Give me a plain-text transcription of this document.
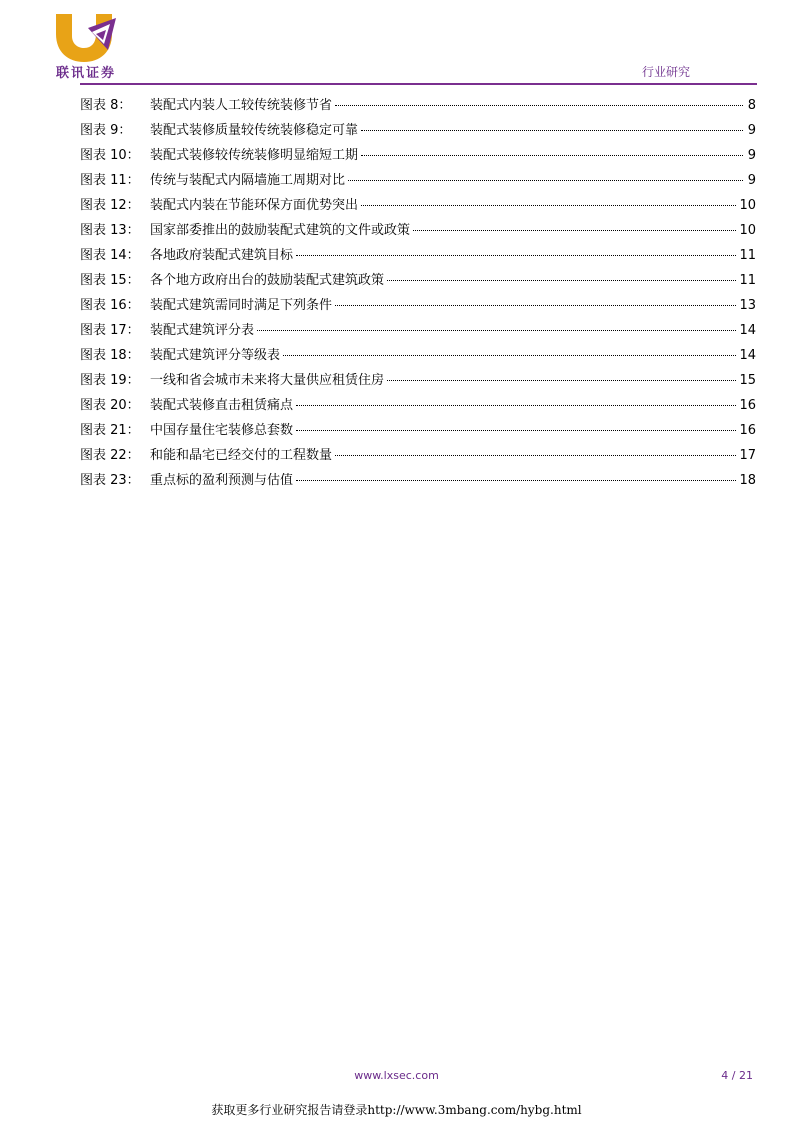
联讯证券	行业研究
图表 8：	装配式内装人工较传统装修节省	8
图表 9：	装配式装修质量较传统装修稳定可靠	9
图表 10： 装配式装修较传统装修明显缩短工期	9
图表 11： 传统与装配式内隔墙施工周期对比	9
图表 12： 装配式内装在节能环保方面优势突出	10
图表 13： 国家部委推出的鼓励装配式建筑的文件或政策	10
图表 14： 各地政府装配式建筑目标	11
图表 15： 各个地方政府出台的鼓励装配式建筑政策	11
图表 16： 装配式建筑需同时满足下列条件	13
图表 17： 装配式建筑评分表	14
图表 18： 装配式建筑评分等级表	14
图表 19： 一线和省会城市未来将大量供应租赁住房	15
图表 20： 装配式装修直击租赁痛点	16
图表 21： 中国存量住宅装修总套数	16
图表 22： 和能和晶宅已经交付的工程数量	17
图表 23： 重点标的盈利预测与估值	18
www.lxsec.com	4 / 21
获取更多行业研究报告请登录http://www.3mbang.com/hybg.html
